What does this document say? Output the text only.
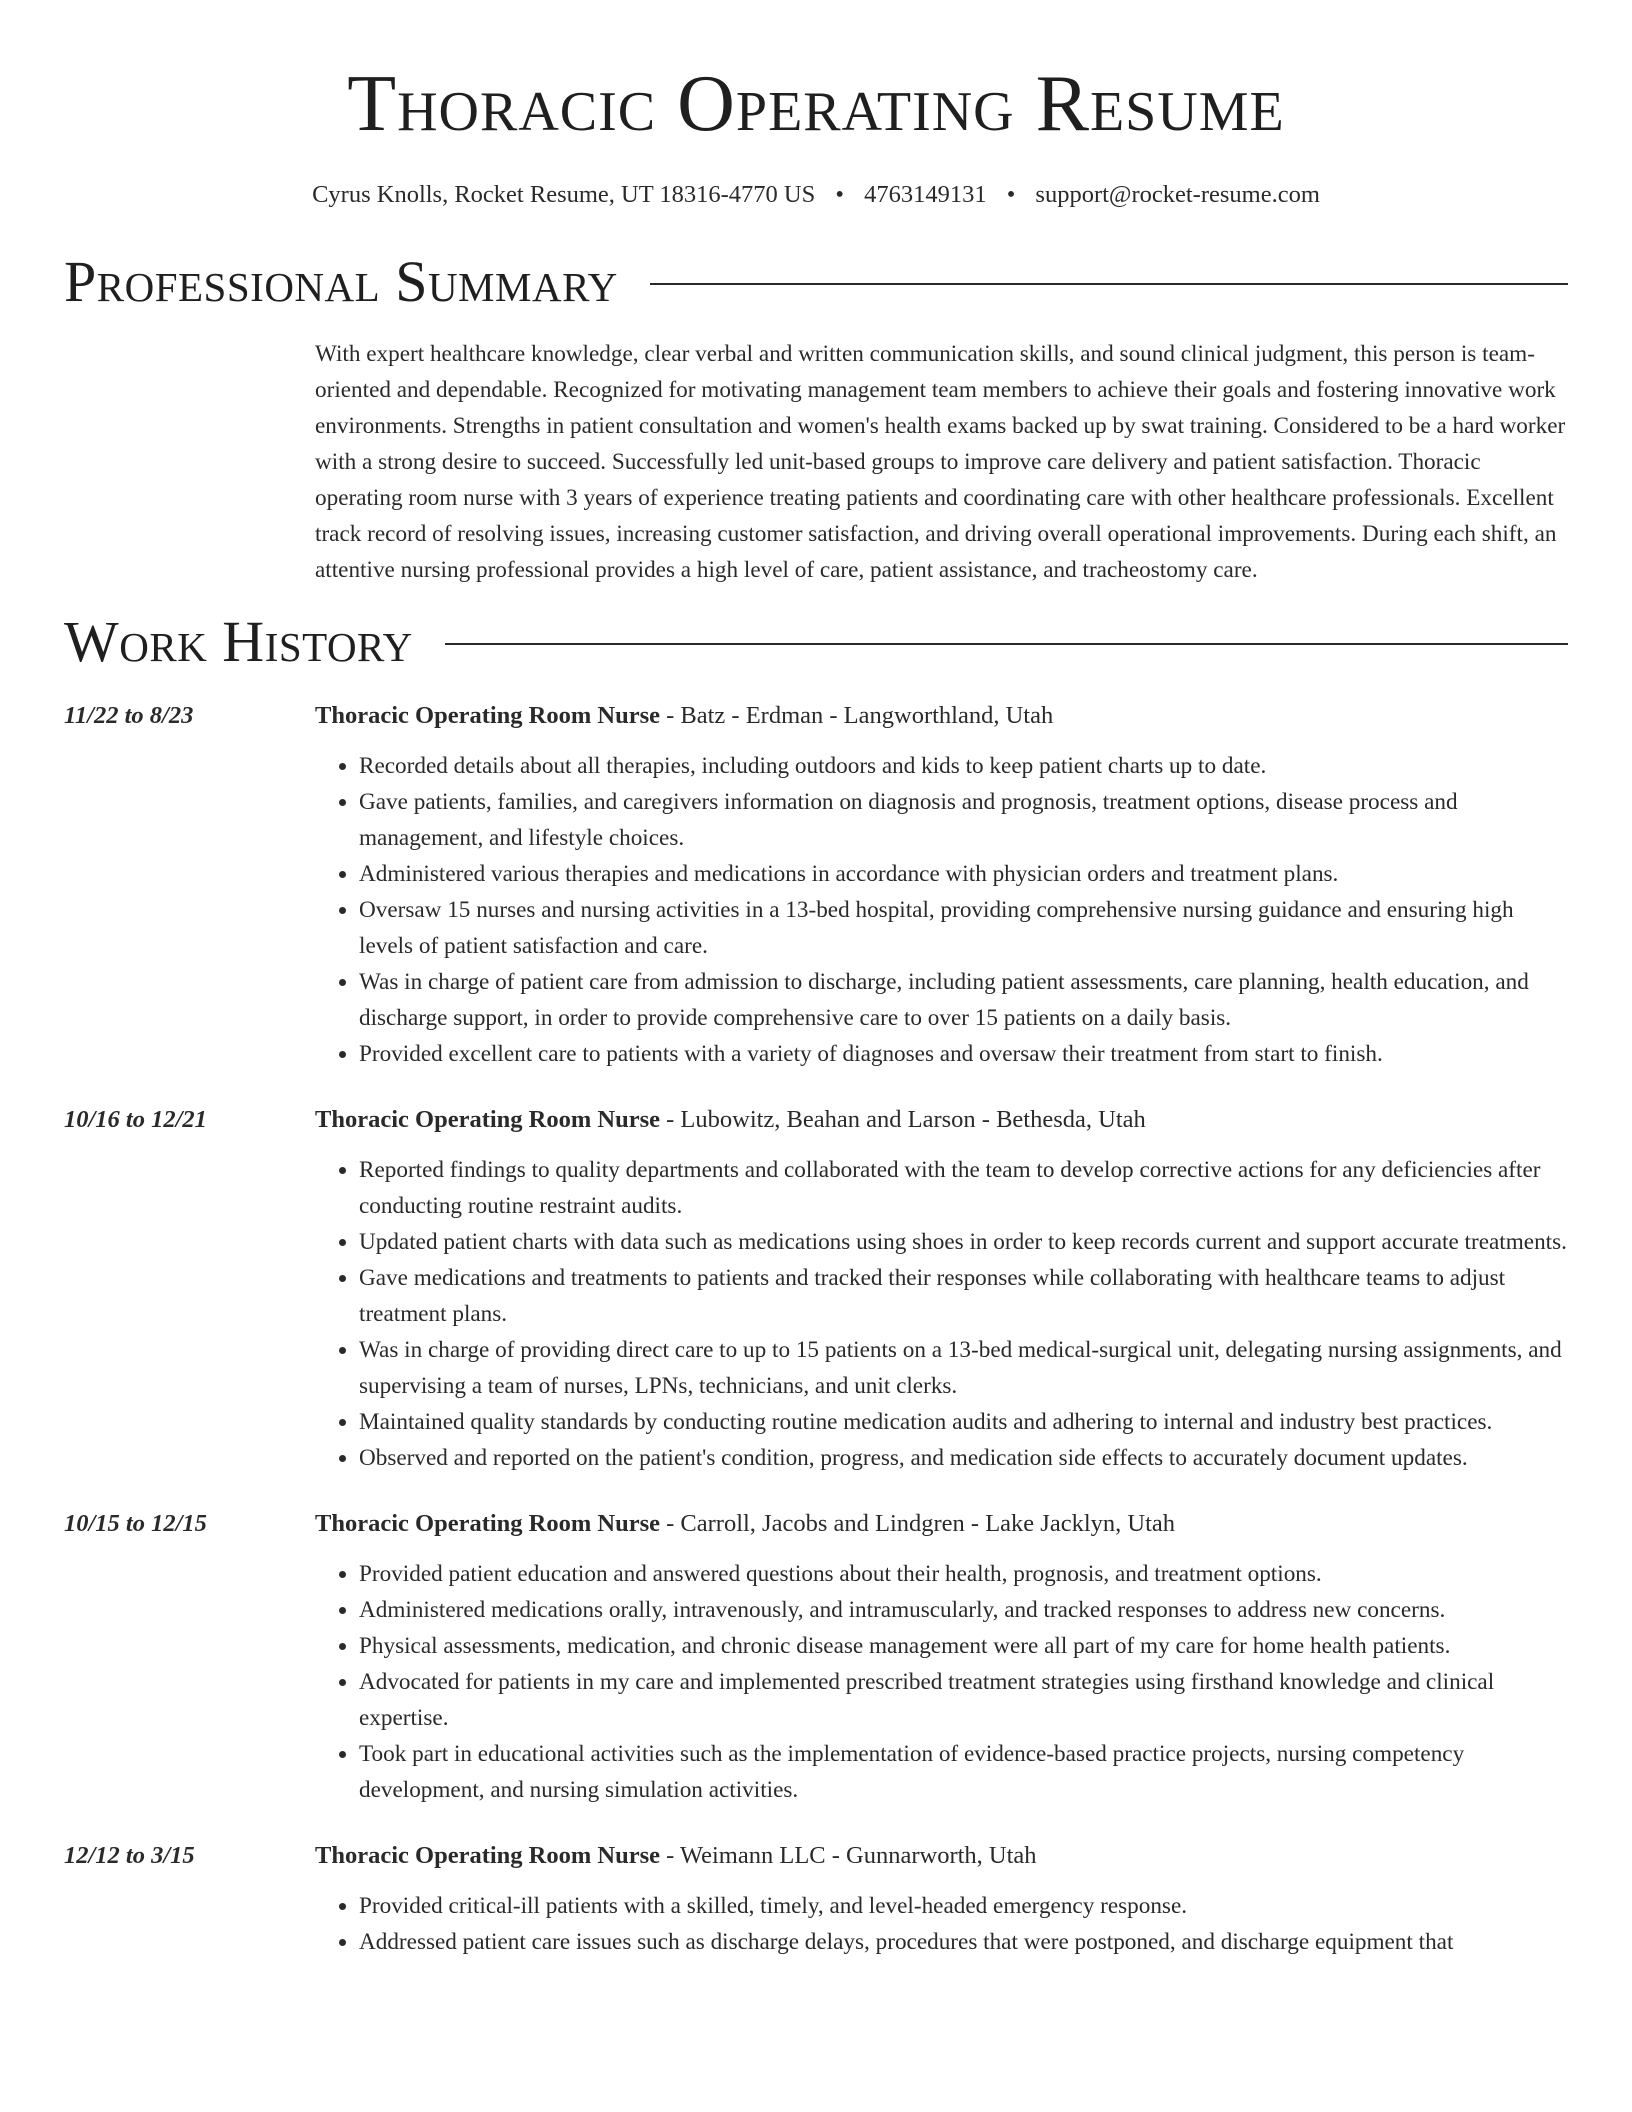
Thoracic Operating Resume
Cyrus Knolls, Rocket Resume, UT 18316-4770 US • 4763149131 • support@rocket-resume.com
Professional Summary
With expert healthcare knowledge, clear verbal and written communication skills, and sound clinical judgment, this person is team-oriented and dependable. Recognized for motivating management team members to achieve their goals and fostering innovative work environments. Strengths in patient consultation and women's health exams backed up by swat training. Considered to be a hard worker with a strong desire to succeed. Successfully led unit-based groups to improve care delivery and patient satisfaction. Thoracic operating room nurse with 3 years of experience treating patients and coordinating care with other healthcare professionals. Excellent track record of resolving issues, increasing customer satisfaction, and driving overall operational improvements. During each shift, an attentive nursing professional provides a high level of care, patient assistance, and tracheostomy care.
Work History
11/22 to 8/23	Thoracic Operating Room Nurse - Batz - Erdman - Langworthland, Utah
• Recorded details about all therapies, including outdoors and kids to keep patient charts up to date.
• Gave patients, families, and caregivers information on diagnosis and prognosis, treatment options, disease process and management, and lifestyle choices.
• Administered various therapies and medications in accordance with physician orders and treatment plans.
• Oversaw 15 nurses and nursing activities in a 13-bed hospital, providing comprehensive nursing guidance and ensuring high levels of patient satisfaction and care.
• Was in charge of patient care from admission to discharge, including patient assessments, care planning, health education, and discharge support, in order to provide comprehensive care to over 15 patients on a daily basis.
• Provided excellent care to patients with a variety of diagnoses and oversaw their treatment from start to finish.
10/16 to 12/21	Thoracic Operating Room Nurse - Lubowitz, Beahan and Larson - Bethesda, Utah
• Reported findings to quality departments and collaborated with the team to develop corrective actions for any deficiencies after conducting routine restraint audits.
• Updated patient charts with data such as medications using shoes in order to keep records current and support accurate treatments.
• Gave medications and treatments to patients and tracked their responses while collaborating with healthcare teams to adjust treatment plans.
• Was in charge of providing direct care to up to 15 patients on a 13-bed medical-surgical unit, delegating nursing assignments, and supervising a team of nurses, LPNs, technicians, and unit clerks.
• Maintained quality standards by conducting routine medication audits and adhering to internal and industry best practices.
• Observed and reported on the patient's condition, progress, and medication side effects to accurately document updates.
10/15 to 12/15	Thoracic Operating Room Nurse - Carroll, Jacobs and Lindgren - Lake Jacklyn, Utah
• Provided patient education and answered questions about their health, prognosis, and treatment options.
• Administered medications orally, intravenously, and intramuscularly, and tracked responses to address new concerns.
• Physical assessments, medication, and chronic disease management were all part of my care for home health patients.
• Advocated for patients in my care and implemented prescribed treatment strategies using firsthand knowledge and clinical expertise.
• Took part in educational activities such as the implementation of evidence-based practice projects, nursing competency development, and nursing simulation activities.
12/12 to 3/15	Thoracic Operating Room Nurse - Weimann LLC - Gunnarworth, Utah
• Provided critical-ill patients with a skilled, timely, and level-headed emergency response.
• Addressed patient care issues such as discharge delays, procedures that were postponed, and discharge equipment that
